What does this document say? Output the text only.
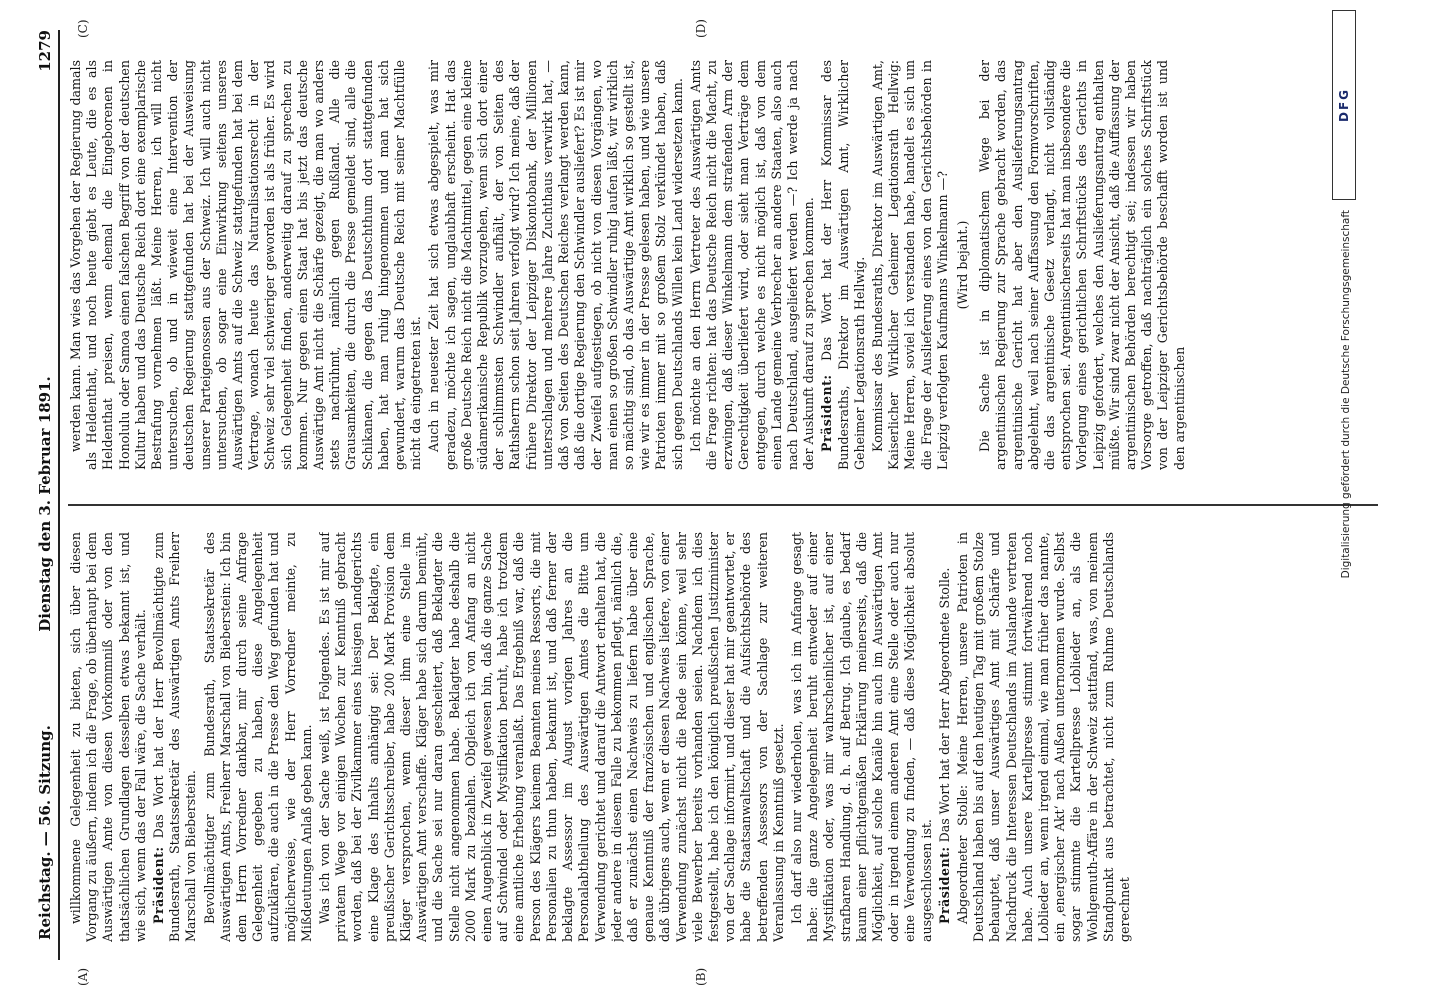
Reichstag. — 56. Sitzung.
Dienstag den 3. Februar 1891.
1279
(A)	(B)
(C)	(D)

willkommene Gelegenheit zu bieten, sich über diesen Vorgang zu äußern, indem ich die Frage, ob überhaupt bei dem Auswärtigen Amte von diesen Vorkommniß oder von den thatsächlichen Grundlagen desselben etwas bekannt ist, und wie sich, wenn das der Fall wäre, die Sache verhält. Präsident: Das Wort hat der Herr Bevollmächtigte zum Bundesrath, Staatssekretär des Auswärtigen Amts Freiherr Marschall von Bieberstein. Bevollmächtigter zum Bundesrath, Staatssekretär des Auswärtigen Amts, Freiherr Marschall von Bieberstein: Ich bin dem Herrn Vorredner dankbar, mir durch seine Anfrage Gelegenheit gegeben zu haben, diese Angelegenheit aufzuklären, die auch in die Presse den Weg gefunden hat und möglicherweise, wie der Herr Vorredner meinte, zu Mißdeutungen Anlaß geben kann. Was ich von der Sache weiß, ist Folgendes. Es ist mir auf privatem Wege vor einigen Wochen zur Kenntniß gebracht worden, daß bei der Zivilkammer eines hiesigen Landgerichts eine Klage des Inhalts anhängig sei: Der Beklagte, ein preußischer Gerichtsschreiber, habe 200 Mark Provision dem Kläger versprochen, wenn dieser ihm eine Stelle im Auswärtigen Amt verschaffe. Kläger habe sich darum bemüht, und die Sache sei nur daran gescheitert, daß Beklagter die Stelle nicht angenommen habe. Beklagter habe deshalb die 2000 Mark zu bezahlen. Obgleich ich von Anfang an nicht einen Augenblick in Zweifel gewesen bin, daß die ganze Sache auf Schwindel oder Mystifikation beruht, habe ich trotzdem eine amtliche Erhebung veranlaßt. Das Ergebniß war, daß die Person des Klägers keinem Beamten meines Ressorts, die mit Personalien zu thun haben, bekannt ist, und daß ferner der beklagte Assessor im August vorigen Jahres an die Personalabtheilung des Auswärtigen Amtes die Bitte um Verwendung gerichtet und darauf die Antwort erhalten hat, die jeder andere in diesem Falle zu bekommen pflegt, nämlich die, daß er zunächst einen Nachweis zu liefern habe über eine genaue Kenntniß der französischen und englischen Sprache, daß übrigens auch, wenn er diesen Nachweis liefere, von einer Verwendung zunächst nicht die Rede sein könne, weil sehr viele Bewerber bereits vorhanden seien. Nachdem ich dies festgestellt, habe ich den königlich preußischen Justizminister von der Sachlage informirt, und dieser hat mir geantwortet, er habe die Staatsanwaltschaft und die Aufsichtsbehörde des betreffenden Assessors von der Sachlage zur weiteren Veranlassung in Kenntniß gesetzt. Ich darf also nur wiederholen, was ich im Anfange gesagt habe: die ganze Angelegenheit beruht entweder auf einer Mystifikation oder, was mir wahrscheinlicher ist, auf einer strafbaren Handlung, d. h. auf Betrug. Ich glaube, es bedarf kaum einer pflichtgemäßen Erklärung meinerseits, daß die Möglichkeit, auf solche Kanäle hin auch im Auswärtigen Amt oder in irgend einem anderen Amt eine Stelle oder auch nur eine Verwendung zu finden, — daß diese Möglichkeit absolut ausgeschlossen ist. Präsident: Das Wort hat der Herr Abgeordnete Stolle. Abgeordneter Stolle: Meine Herren, unsere Patrioten in Deutschland haben bis auf den heutigen Tag mit großem Stolze behauptet, daß unser Auswärtiges Amt mit Schärfe und Nachdruck die Interessen Deutschlands im Auslande vertreten habe. Auch unsere Kartellpresse stimmt fortwährend noch Loblieder an, wenn irgend einmal, wie man früher das nannte, ein ‚energischer Akt‘ nach Außen unternommen wurde. Selbst sogar stimmte die Kartellpresse Loblieder an, als die Wohlgemuth-Affäre in der Schweiz stattfand, was, von meinem Standpunkt aus betrachtet, nicht zum Ruhme Deutschlands gerechnet

werden kann. Man wies das Vorgehen der Regierung damals als Heldenthat, und noch heute giebt es Leute, die es als Heldenthat preisen, wenn ehemal die Eingeborenen in Honolulu oder Samoa einen falschen Begriff von der deutschen Kultur haben und das Deutsche Reich dort eine exemplarische Bestrafung vornehmen läßt. Meine Herren, ich will nicht untersuchen, ob und in wieweit eine Intervention der deutschen Regierung stattgefunden hat bei der Ausweisung unserer Parteigenossen aus der Schweiz. Ich will auch nicht untersuchen, ob sogar eine Einwirkung seitens unseres Auswärtigen Amts auf die Schweiz stattgefunden hat bei dem Vertrage, wonach heute das Naturalisationsrecht in der Schweiz sehr viel schwieriger geworden ist als früher. Es wird sich Gelegenheit finden, anderweitig darauf zu sprechen zu kommen. Nur gegen einen Staat hat bis jetzt das deutsche Auswärtige Amt nicht die Schärfe gezeigt, die man wo anders stets nachrühmt, nämlich gegen Rußland. Alle die Grausamkeiten, die durch die Presse gemeldet sind, alle die Schikanen, die gegen das Deutschthum dort stattgefunden haben, hat man ruhig hingenommen und man hat sich gewundert, warum das Deutsche Reich mit seiner Machtfülle nicht da eingetreten ist. Auch in neuester Zeit hat sich etwas abgespielt, was mir geradezu, möchte ich sagen, unglaubhaft erscheint. Hat das große Deutsche Reich nicht die Machtmittel, gegen eine kleine südamerikanische Republik vorzugehen, wenn sich dort einer der schlimmsten Schwindler aufhält, der von Seiten des Rathsherrn schon seit Jahren verfolgt wird? Ich meine, daß der frühere Direktor der Leipziger Diskontobank, der Millionen unterschlagen und mehrere Jahre Zuchthaus verwirkt hat, — daß von Seiten des Deutschen Reiches verlangt werden kann, daß die dortige Regierung den Schwindler ausliefert? Es ist mir der Zweifel aufgestiegen, ob nicht von diesen Vorgängen, wo man einen so großen Schwindler ruhig laufen läßt, wir wirklich so mächtig sind, ob das Auswärtige Amt wirklich so gestellt ist, wie wir es immer in der Presse gelesen haben, und wie unsere Patrioten immer mit so großem Stolz verkündet haben, daß sich gegen Deutschlands Willen kein Land widersetzen kann. Ich möchte an den Herrn Vertreter des Auswärtigen Amts die Frage richten: hat das Deutsche Reich nicht die Macht, zu erzwingen, daß dieser Winkelmann dem strafenden Arm der Gerechtigkeit überliefert wird, oder sieht man Verträge dem entgegen, durch welche es nicht möglich ist, daß von dem einen Lande gemeine Verbrecher an andere Staaten, also auch nach Deutschland, ausgeliefert werden —? Ich werde ja nach der Auskunft darauf zu sprechen kommen. Präsident: Das Wort hat der Herr Kommissar des Bundesraths, Direktor im Auswärtigen Amt, Wirklicher Geheimer Legationsrath Hellwig. Kommissar des Bundesraths, Direktor im Auswärtigen Amt, Kaiserlicher Wirklicher Geheimer Legationsrath Hellwig: Meine Herren, soviel ich verstanden habe, handelt es sich um die Frage der Auslieferung eines von den Gerichtsbehörden in Leipzig verfolgten Kaufmanns Winkelmann —? (Wird bejaht.) Die Sache ist in diplomatischem Wege bei der argentinischen Regierung zur Sprache gebracht worden, das argentinische Gericht hat aber den Auslieferungsantrag abgelehnt, weil nach seiner Auffassung den Formvorschriften, die das argentinische Gesetz verlangt, nicht vollständig entsprochen sei. Argentinischerseits hat man insbesondere die Vorlegung eines gerichtlichen Schriftstücks des Gerichts in Leipzig gefordert, welches den Auslieferungsantrag enthalten müßte. Wir sind zwar nicht der Ansicht, daß die Auffassung der argentinischen Behörden berechtigt sei; indessen wir haben Vorsorge getroffen, daß nachträglich ein solches Schriftstück von der Leipziger Gerichtsbehörde beschafft worden ist und den argentinischen	Digitalisierung gefördert durch die Deutsche Forschungsgemeinschaft
DFG
